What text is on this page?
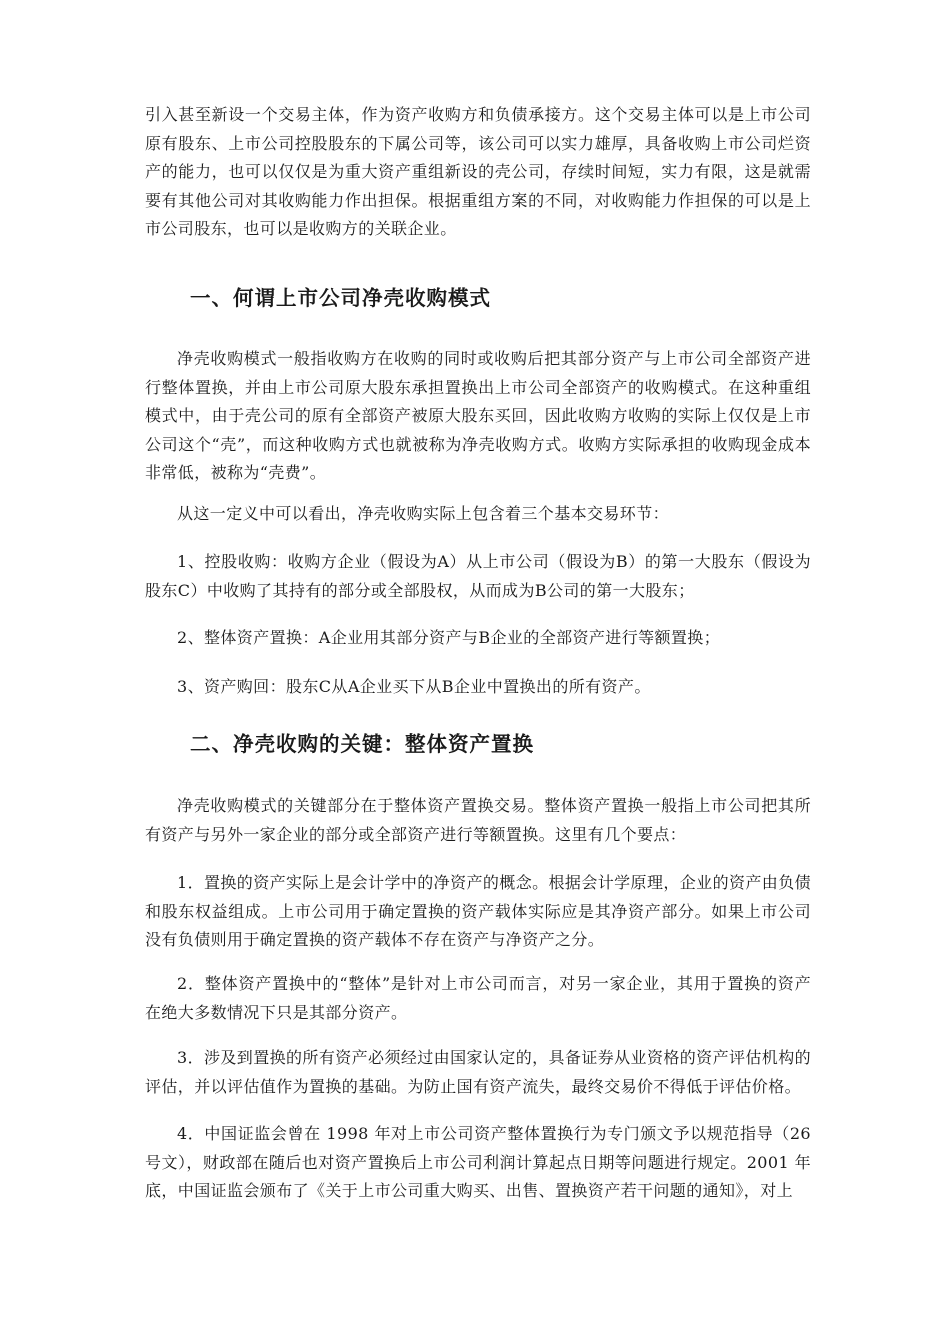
引入甚至新设一个交易主体，作为资产收购方和负债承接方。这个交易主体可以是上市公司原有股东、上市公司控股股东的下属公司等，该公司可以实力雄厚，具备收购上市公司烂资产的能力，也可以仅仅是为重大资产重组新设的壳公司，存续时间短，实力有限，这是就需要有其他公司对其收购能力作出担保。根据重组方案的不同，对收购能力作担保的可以是上市公司股东，也可以是收购方的关联企业。

一、何谓上市公司净壳收购模式

净壳收购模式一般指收购方在收购的同时或收购后把其部分资产与上市公司全部资产进行整体置换，并由上市公司原大股东承担置换出上市公司全部资产的收购模式。在这种重组模式中，由于壳公司的原有全部资产被原大股东买回，因此收购方收购的实际上仅仅是上市公司这个“壳”，而这种收购方式也就被称为净壳收购方式。收购方实际承担的收购现金成本非常低，被称为“壳费”。

从这一定义中可以看出，净壳收购实际上包含着三个基本交易环节：

1、控股收购：收购方企业（假设为A）从上市公司（假设为B）的第一大股东（假设为股东C）中收购了其持有的部分或全部股权，从而成为B公司的第一大股东；

2、整体资产置换：A企业用其部分资产与B企业的全部资产进行等额置换；

3、资产购回：股东C从A企业买下从B企业中置换出的所有资产。

二、净壳收购的关键：整体资产置换

净壳收购模式的关键部分在于整体资产置换交易。整体资产置换一般指上市公司把其所有资产与另外一家企业的部分或全部资产进行等额置换。这里有几个要点：

1．置换的资产实际上是会计学中的净资产的概念。根据会计学原理，企业的资产由负债和股东权益组成。上市公司用于确定置换的资产载体实际应是其净资产部分。如果上市公司没有负债则用于确定置换的资产载体不存在资产与净资产之分。

2．整体资产置换中的“整体”是针对上市公司而言，对另一家企业，其用于置换的资产在绝大多数情况下只是其部分资产。

3．涉及到置换的所有资产必须经过由国家认定的，具备证券从业资格的资产评估机构的评估，并以评估值作为置换的基础。为防止国有资产流失，最终交易价不得低于评估价格。

4．中国证监会曾在 1998 年对上市公司资产整体置换行为专门颁文予以规范指导（26号文），财政部在随后也对资产置换后上市公司利润计算起点日期等问题进行规定。2001 年底，中国证监会颁布了《关于上市公司重大购买、出售、置换资产若干问题的通知》，对上
